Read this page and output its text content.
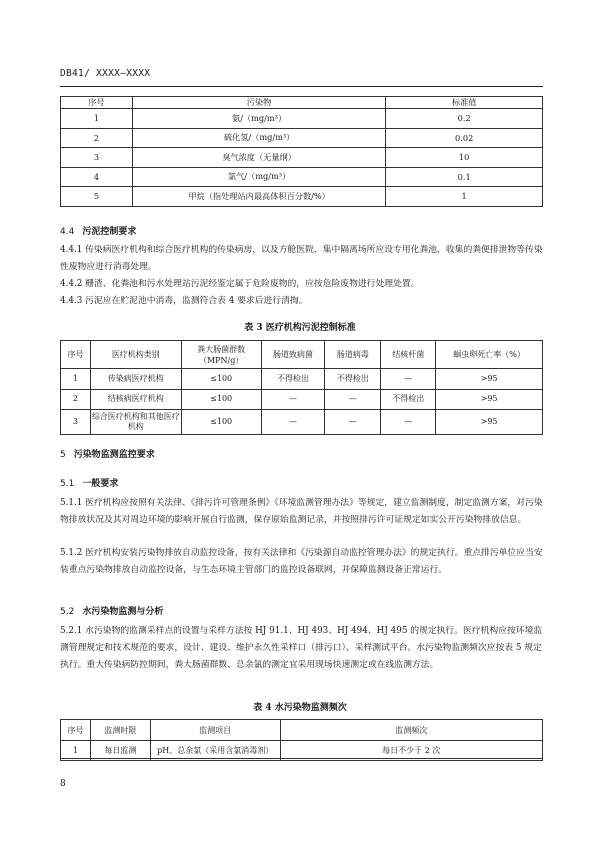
DB41/ XXXX—XXXX
序号	污染物	标准值
1	氨/（mg/m³）	0.2
2	硫化氢/（mg/m³）	0.02
3	臭气浓度（无量纲）	10
4	氯气/（mg/m³）	0.1
5	甲烷（指处理站内最高体积百分数/%）	1
4.4 污泥控制要求
4.4.1 传染病医疗机构和综合医疗机构的传染病房，以及方舱医院、集中隔离场所应设专用化粪池，收集的粪便排泄物等传染性废物应进行消毒处理。
4.4.2 栅渣、化粪池和污水处理站污泥经鉴定属于危险废物的，应按危险废物进行处理处置。
4.4.3 污泥应在贮泥池中消毒，监测符合表 4 要求后进行清掏。
表 3 医疗机构污泥控制标准
序号	医疗机构类别	粪大肠菌群数（MPN/g）	肠道致病菌	肠道病毒	结核杆菌	蛔虫卵死亡率（%）
1	传染病医疗机构	≤100	不得检出	不得检出	—	>95
2	结核病医疗机构	≤100	—	—	不得检出	>95
3	综合医疗机构和其他医疗机构	≤100	—	—	—	>95
5 污染物监测监控要求
5.1 一般要求
5.1.1 医疗机构应按照有关法律、《排污许可管理条例》《环境监测管理办法》等规定，建立监测制度，制定监测方案，对污染物排放状况及其对周边环境的影响开展自行监测，保存原始监测记录，并按照排污许可证规定如实公开污染物排放信息。
5.1.2 医疗机构安装污染物排放自动监控设备，按有关法律和《污染源自动监控管理办法》的规定执行。重点排污单位应当安装重点污染物排放自动监控设备，与生态环境主管部门的监控设备联网，并保障监测设备正常运行。
5.2 水污染物监测与分析
5.2.1 水污染物的监测采样点的设置与采样方法按 HJ 91.1、HJ 493、HJ 494、HJ 495 的规定执行。医疗机构应按环境监测管理规定和技术规范的要求，设计、建设、维护永久性采样口（排污口）、采样测试平台。水污染物监测频次应按表 5 规定执行。重大传染病防控期间，粪大肠菌群数、总余氯的测定宜采用现场快速测定或在线监测方法。
表 4 水污染物监测频次
序号	监测时限	监测项目	监测频次
1	每日监测	pH、总余氯（采用含氯消毒剂）	每日不少于 2 次
8
